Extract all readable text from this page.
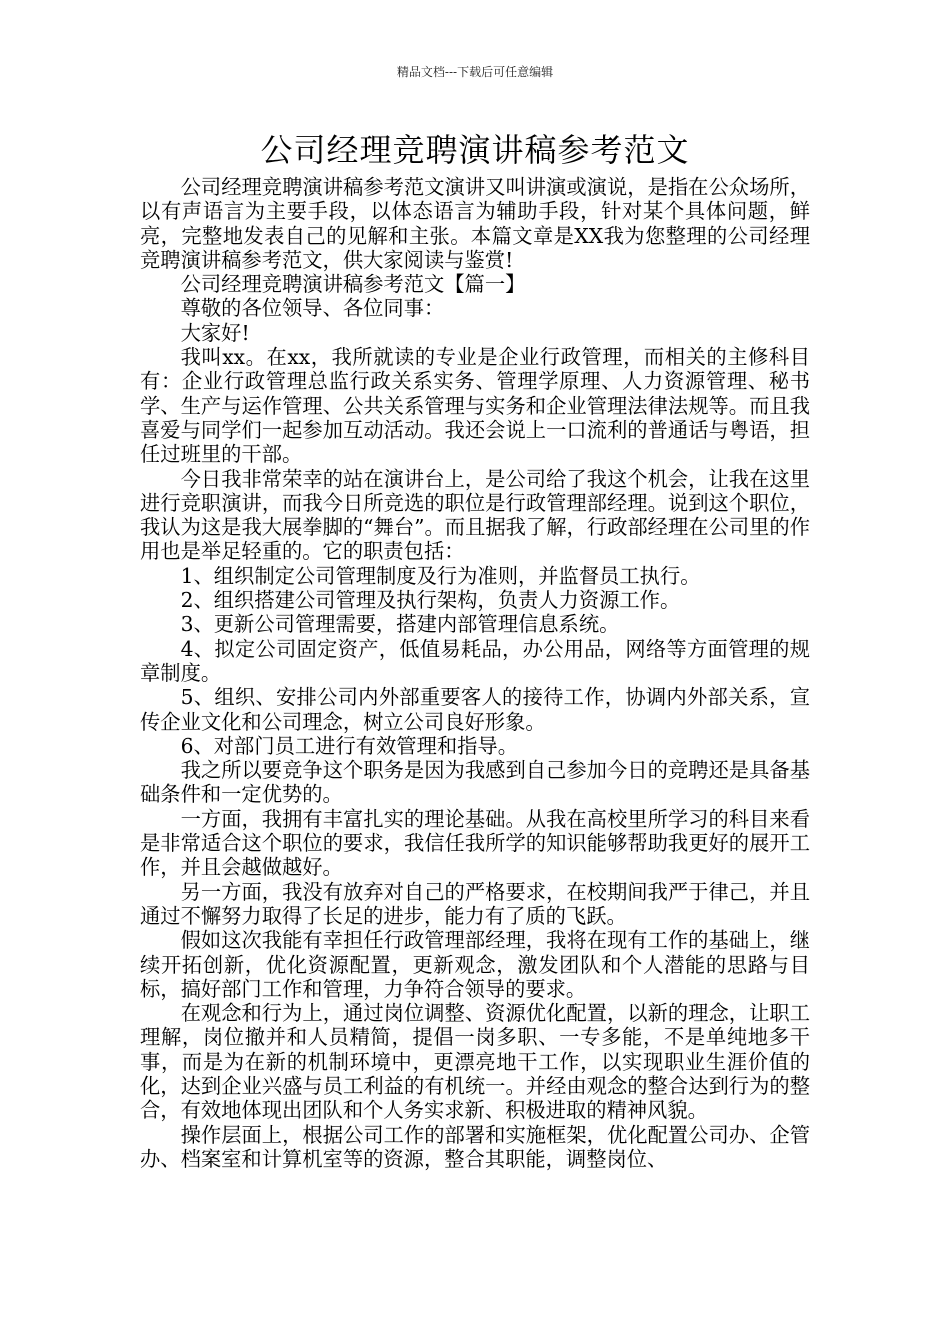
精品文档---下载后可任意编辑
公司经理竞聘演讲稿参考范文

公司经理竞聘演讲稿参考范文演讲又叫讲演或演说，是指在公众场所，以有声语言为主要手段，以体态语言为辅助手段，针对某个具体问题，鲜亮，完整地发表自己的见解和主张。本篇文章是XX我为您整理的公司经理竞聘演讲稿参考范文，供大家阅读与鉴赏!

公司经理竞聘演讲稿参考范文【篇一】

尊敬的各位领导、各位同事：

大家好!

我叫xx。在xx，我所就读的专业是企业行政管理，而相关的主修科目有：企业行政管理总监行政关系实务、管理学原理、人力资源管理、秘书学、生产与运作管理、公共关系管理与实务和企业管理法律法规等。而且我喜爱与同学们一起参加互动活动。我还会说上一口流利的普通话与粤语，担任过班里的干部。

今日我非常荣幸的站在演讲台上，是公司给了我这个机会，让我在这里进行竞职演讲，而我今日所竞选的职位是行政管理部经理。说到这个职位，我认为这是我大展拳脚的“舞台”。而且据我了解，行政部经理在公司里的作用也是举足轻重的。它的职责包括：

1、组织制定公司管理制度及行为准则，并监督员工执行。

2、组织搭建公司管理及执行架构，负责人力资源工作。

3、更新公司管理需要，搭建内部管理信息系统。

4、拟定公司固定资产，低值易耗品，办公用品，网络等方面管理的规章制度。

5、组织、安排公司内外部重要客人的接待工作，协调内外部关系，宣传企业文化和公司理念，树立公司良好形象。

6、对部门员工进行有效管理和指导。

我之所以要竞争这个职务是因为我感到自己参加今日的竞聘还是具备基础条件和一定优势的。

一方面，我拥有丰富扎实的理论基础。从我在高校里所学习的科目来看是非常适合这个职位的要求，我信任我所学的知识能够帮助我更好的展开工作，并且会越做越好。

另一方面，我没有放弃对自己的严格要求，在校期间我严于律己，并且通过不懈努力取得了长足的进步，能力有了质的飞跃。

假如这次我能有幸担任行政管理部经理，我将在现有工作的基础上，继续开拓创新，优化资源配置，更新观念，激发团队和个人潜能的思路与目标，搞好部门工作和管理，力争符合领导的要求。

在观念和行为上，通过岗位调整、资源优化配置，以新的理念，让职工理解，岗位撤并和人员精简，提倡一岗多职、一专多能，不是单纯地多干事，而是为在新的机制环境中，更漂亮地干工作，以实现职业生涯价值的化，达到企业兴盛与员工利益的有机统一。并经由观念的整合达到行为的整合，有效地体现出团队和个人务实求新、积极进取的精神风貌。

操作层面上，根据公司工作的部署和实施框架，优化配置公司办、企管办、档案室和计算机室等的资源，整合其职能，调整岗位、
